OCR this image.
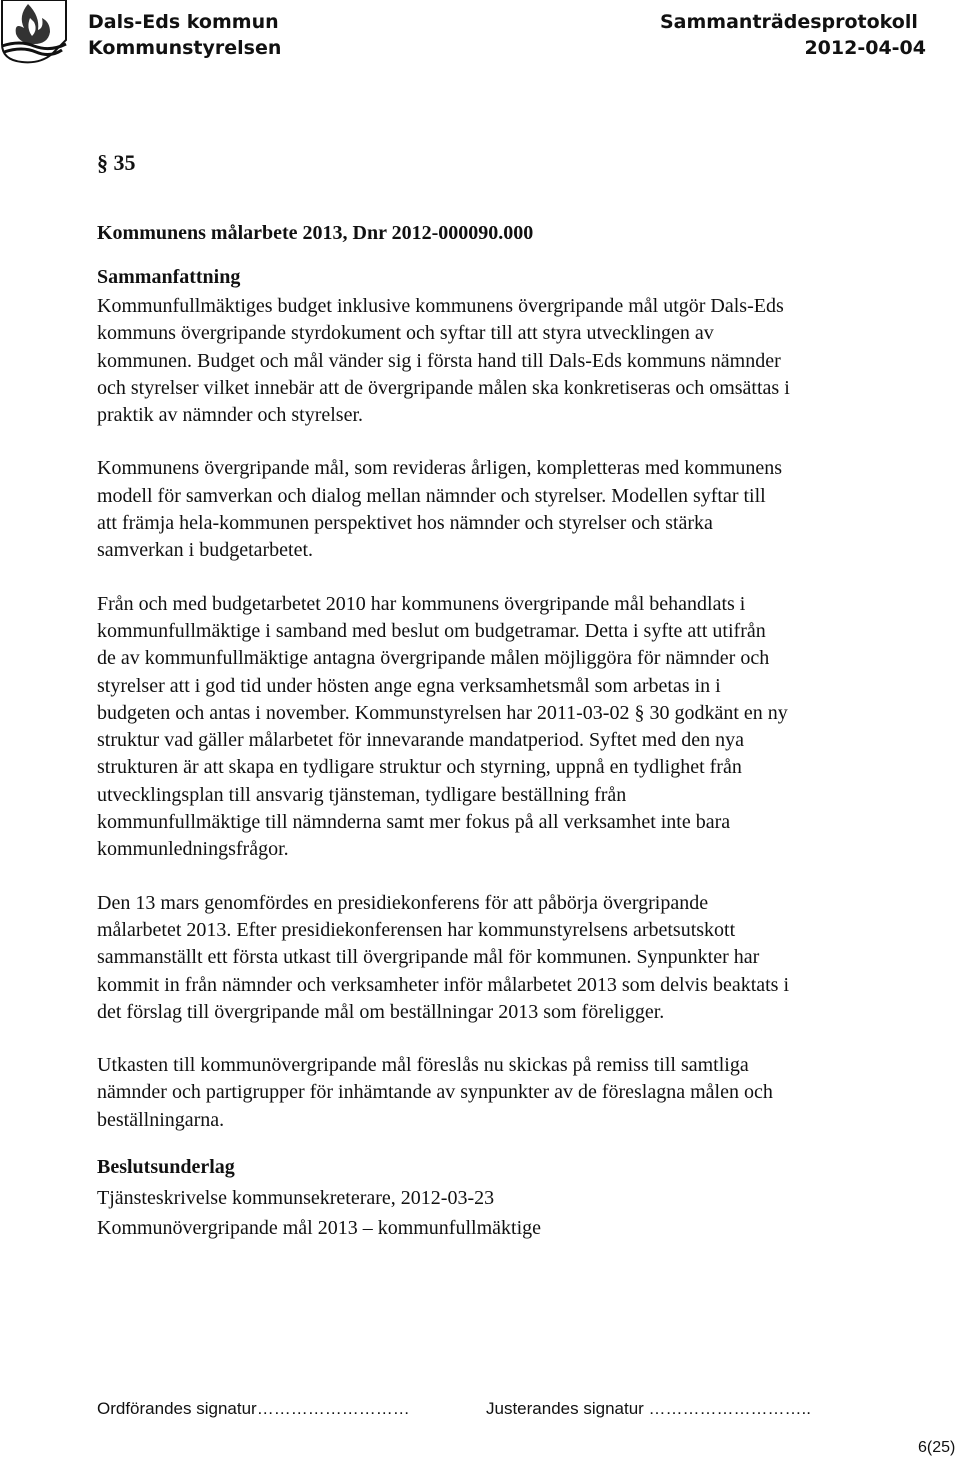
Dals-Eds kommun
Kommunstyrelsen
Sammanträdesprotokoll
2012-04-04
§ 35
Kommunens målarbete 2013, Dnr 2012-000090.000
Sammanfattning
Kommunfullmäktiges budget inklusive kommunens övergripande mål utgör Dals-Eds
kommuns övergripande styrdokument och syftar till att styra utvecklingen av
kommunen. Budget och mål vänder sig i första hand till Dals-Eds kommuns nämnder
och styrelser vilket innebär att de övergripande målen ska konkretiseras och omsättas i
praktik av nämnder och styrelser.
Kommunens övergripande mål, som revideras årligen, kompletteras med kommunens
modell för samverkan och dialog mellan nämnder och styrelser. Modellen syftar till
att främja hela-kommunen perspektivet hos nämnder och styrelser och stärka
samverkan i budgetarbetet.
Från och med budgetarbetet 2010 har kommunens övergripande mål behandlats i
kommunfullmäktige i samband med beslut om budgetramar. Detta i syfte att utifrån
de av kommunfullmäktige antagna övergripande målen möjliggöra för nämnder och
styrelser att i god tid under hösten ange egna verksamhetsmål som arbetas in i
budgeten och antas i november. Kommunstyrelsen har 2011-03-02 § 30 godkänt en ny
struktur vad gäller målarbetet för innevarande mandatperiod. Syftet med den nya
strukturen är att skapa en tydligare struktur och styrning, uppnå en tydlighet från
utvecklingsplan till ansvarig tjänsteman, tydligare beställning från
kommunfullmäktige till nämnderna samt mer fokus på all verksamhet inte bara
kommunledningsfrågor.
Den 13 mars genomfördes en presidiekonferens för att påbörja övergripande
målarbetet 2013. Efter presidiekonferensen har kommunstyrelsens arbetsutskott
sammanställt ett första utkast till övergripande mål för kommunen. Synpunkter har
kommit in från nämnder och verksamheter inför målarbetet 2013 som delvis beaktats i
det förslag till övergripande mål om beställningar 2013 som föreligger.
Utkasten till kommunövergripande mål föreslås nu skickas på remiss till samtliga
nämnder och partigrupper för inhämtande av synpunkter av de föreslagna målen och
beställningarna.
Beslutsunderlag
Tjänsteskrivelse kommunsekreterare, 2012-03-23
Kommunövergripande mål 2013 – kommunfullmäktige
Ordförandes signatur………………………	Justerandes signatur ………………………..
6(25)
